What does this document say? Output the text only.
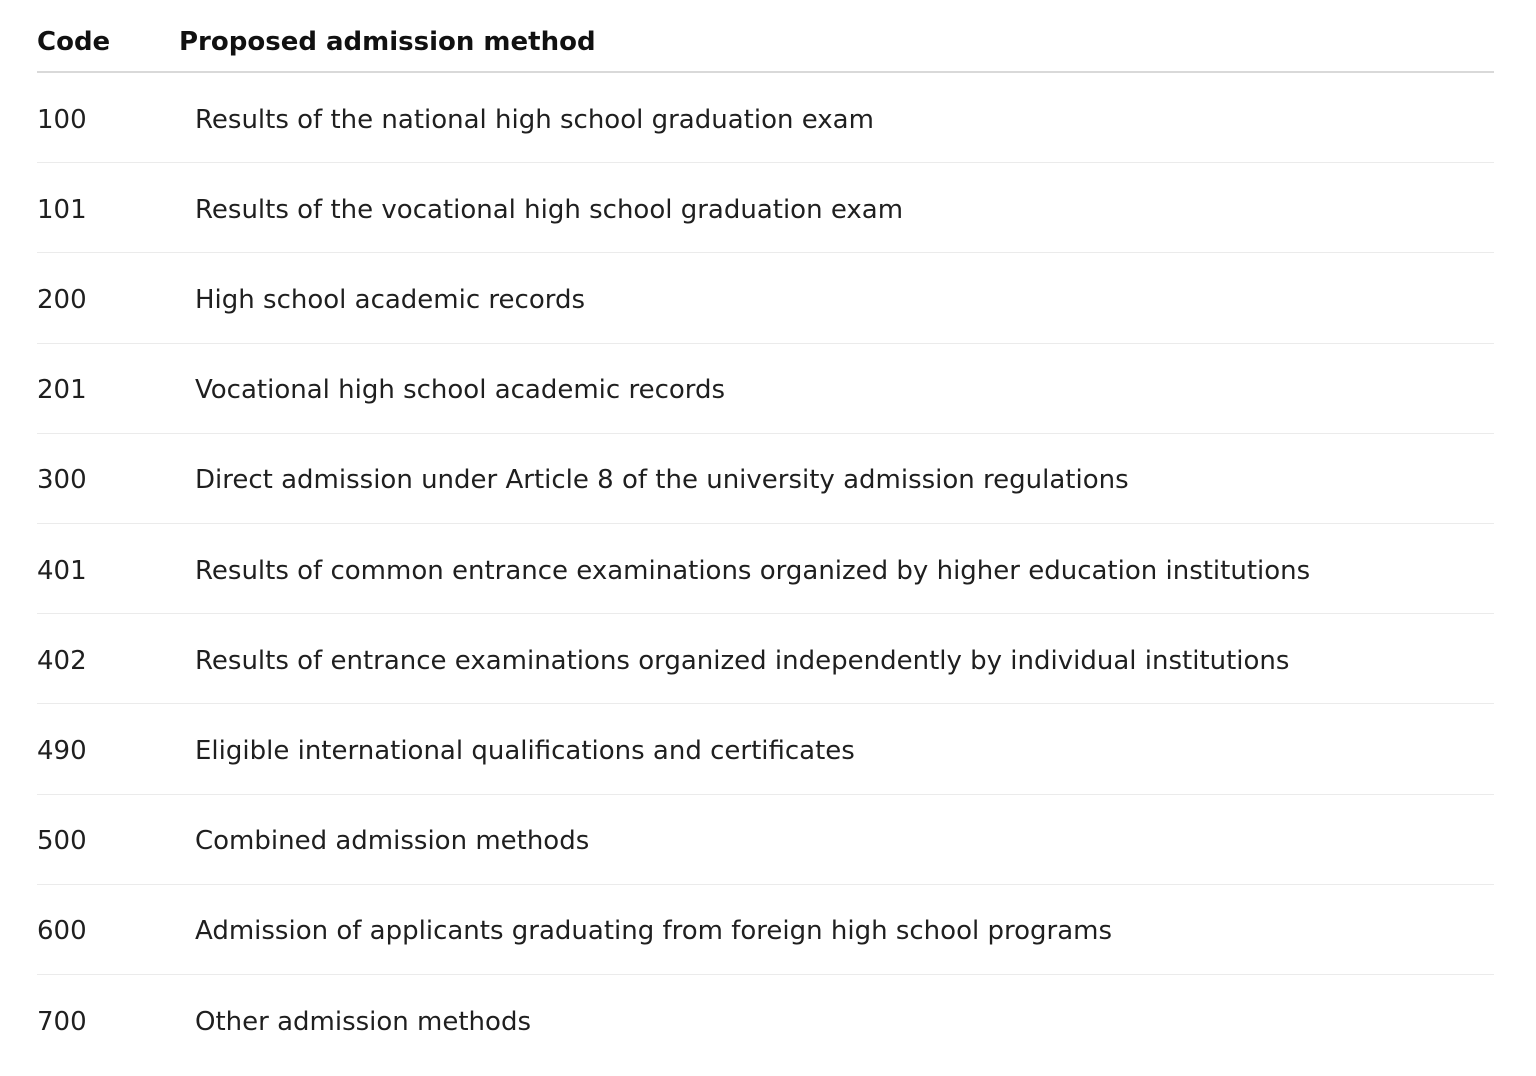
Code	Proposed admission method
100	Results of the national high school graduation exam
101	Results of the vocational high school graduation exam
200	High school academic records
201	Vocational high school academic records
300	Direct admission under Article 8 of the university admission regulations
401	Results of common entrance examinations organized by higher education institutions
402	Results of entrance examinations organized independently by individual institutions
490	Eligible international qualifications and certificates
500	Combined admission methods
600	Admission of applicants graduating from foreign high school programs
700	Other admission methods
